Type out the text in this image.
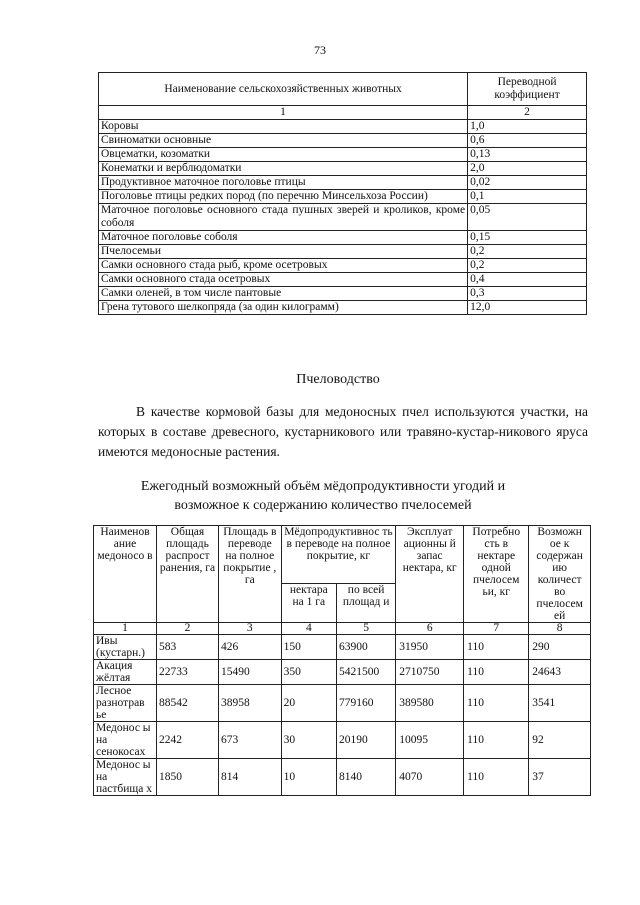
73
Наименование сельскохозяйственных животных	Переводной коэффициент
1	2
Коровы	1,0
Свиноматки основные	0,6
Овцематки, козоматки	0,13
Конематки и верблюдоматки	2,0
Продуктивное маточное поголовье птицы	0,02
Поголовье птицы редких пород (по перечню Минсельхоза России)	0,1
Маточное поголовье основного стада пушных зверей и кроликов, кроме соболя	0,05
Маточное поголовье соболя	0,15
Пчелосемьи	0,2
Самки основного стада рыб, кроме осетровых	0,2
Самки основного стада осетровых	0,4
Самки оленей, в том числе пантовые	0,3
Грена тутового шелкопряда (за один килограмм)	12,0
Пчеловодство

В качестве кормовой базы для медоносных пчел используются участки, на которых в составе древесного, кустарникового или травяно-кустар-никового яруса имеются медоносные растения.

Ежегодный возможный объём мёдопродуктивности угодий и
возможное к содержанию количество пчелосемей
Наименов ание медоносо в	Общая площадь распрост ранения, га	Площадь в переводе на полное покрытие , га	Мёдопродуктивнос ть в переводе на полное покрытие, кг		Эксплуат ационны й запас нектара, кг	Потребно сть в нектаре одной пчелосем ьи, кг	Возможн ое к содержан ию количест во пчелосем ей
			нектара на 1 га	по всей площад и			
1	2	3	4	5	6	7	8
Ивы (кустарн.)	583	426	150	63900	31950	110	290
Акация жёлтая	22733	15490	350	5421500	2710750	110	24643
Лесное разнотрав ье	88542	38958	20	779160	389580	110	3541
Медонос ы на сенокосах	2242	673	30	20190	10095	110	92
Медонос ы на пастбища х	1850	814	10	8140	4070	110	37
